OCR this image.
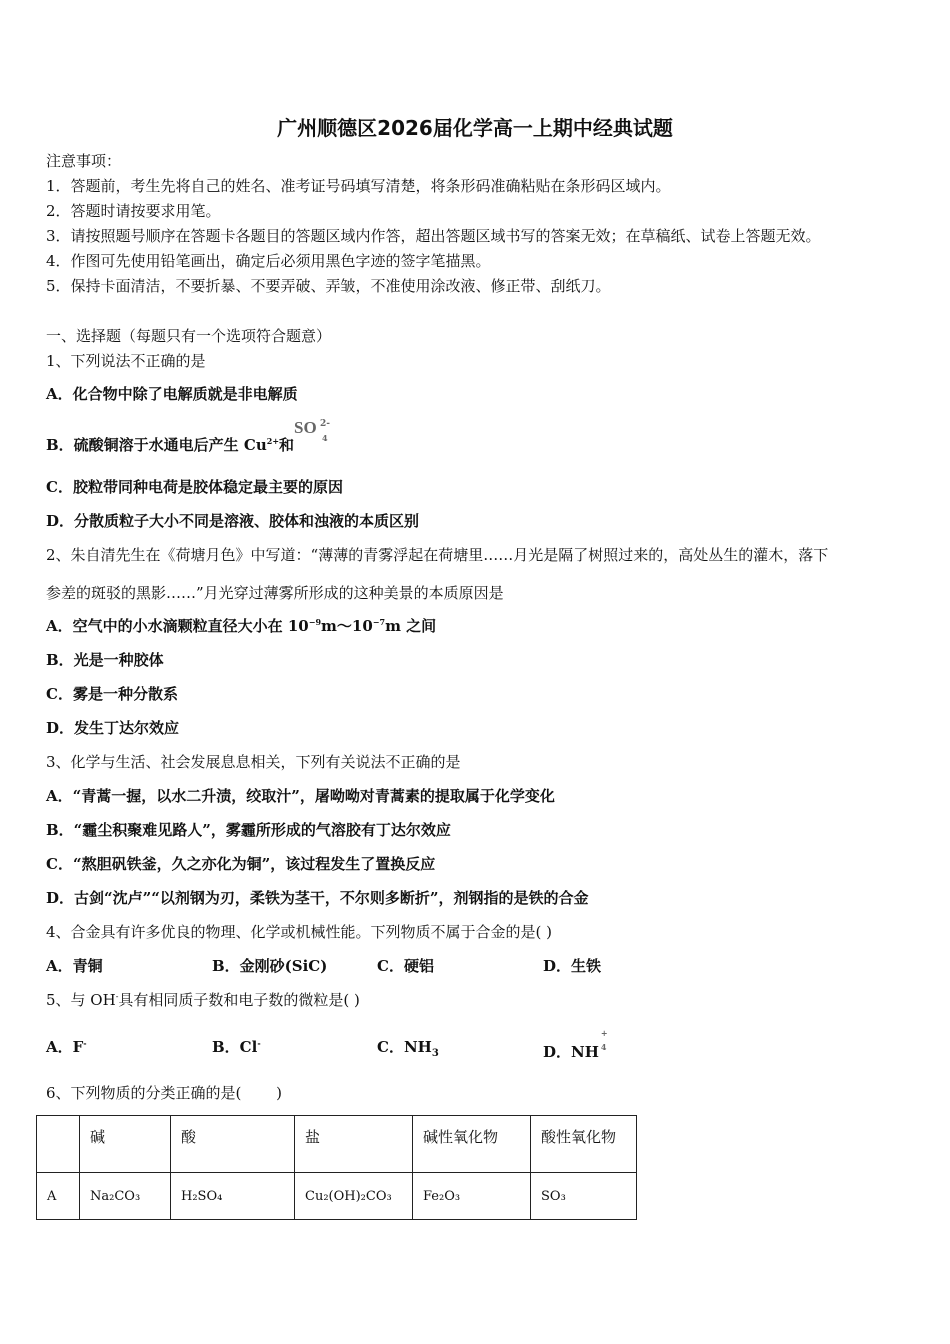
广州顺德区2026届化学高一上期中经典试题
注意事项：
1．答题前，考生先将自己的姓名、准考证号码填写清楚，将条形码准确粘贴在条形码区域内。
2．答题时请按要求用笔。
3．请按照题号顺序在答题卡各题目的答题区域内作答，超出答题区域书写的答案无效；在草稿纸、试卷上答题无效。
4．作图可先使用铅笔画出，确定后必须用黑色字迹的签字笔描黑。
5．保持卡面清洁，不要折暴、不要弄破、弄皱，不准使用涂改液、修正带、刮纸刀。
一、选择题（每题只有一个选项符合题意）
1、下列说法不正确的是
A．化合物中除了电解质就是非电解质
B．硫酸铜溶于水通电后产生 $Cu^{2+}$和
SO 2-
4
C．胶粒带同种电荷是胶体稳定最主要的原因
D．分散质粒子大小不同是溶液、胶体和浊液的本质区别
2、朱自清先生在《荷塘月色》中写道：“薄薄的青雾浮起在荷塘里……月光是隔了树照过来的，高处丛生的灌木，落下
参差的斑驳的黑影……”月光穿过薄雾所形成的这种美景的本质原因是
A．空气中的小水滴颗粒直径大小在 $10^{-9}m\sim 10^{-7}m$ 之间
B．光是一种胶体
C．雾是一种分散系
D．发生丁达尔效应
3、化学与生活、社会发展息息相关，下列有关说法不正确的是
A．“青蒿一握，以水二升渍，绞取汁”，屠呦呦对青蒿素的提取属于化学变化
B．“霾尘积聚难见路人”，雾霾所形成的气溶胶有丁达尔效应
C．“熬胆矾铁釜，久之亦化为铜”，该过程发生了置换反应
D．古剑“沈卢”“以剂钢为刃，柔铁为茎干，不尔则多断折”，剂钢指的是铁的合金
4、合金具有许多优良的物理、化学或机械性能。下列物质不属于合金的是( )
A．青铜	B．金刚砂(SiC)	C．硬铝	D．生铁
5、与 OH-具有相同质子数和电子数的微粒是( )
A．F-	B．Cl-	C．$NH_3$	D．NH
+
4
6、下列物质的分类正确的是(　　 )
	碱	酸	盐	碱性氧化物	酸性氧化物
A	Na₂CO₃	H₂SO₄	Cu₂(OH)₂CO₃	Fe₂O₃	SO₃
